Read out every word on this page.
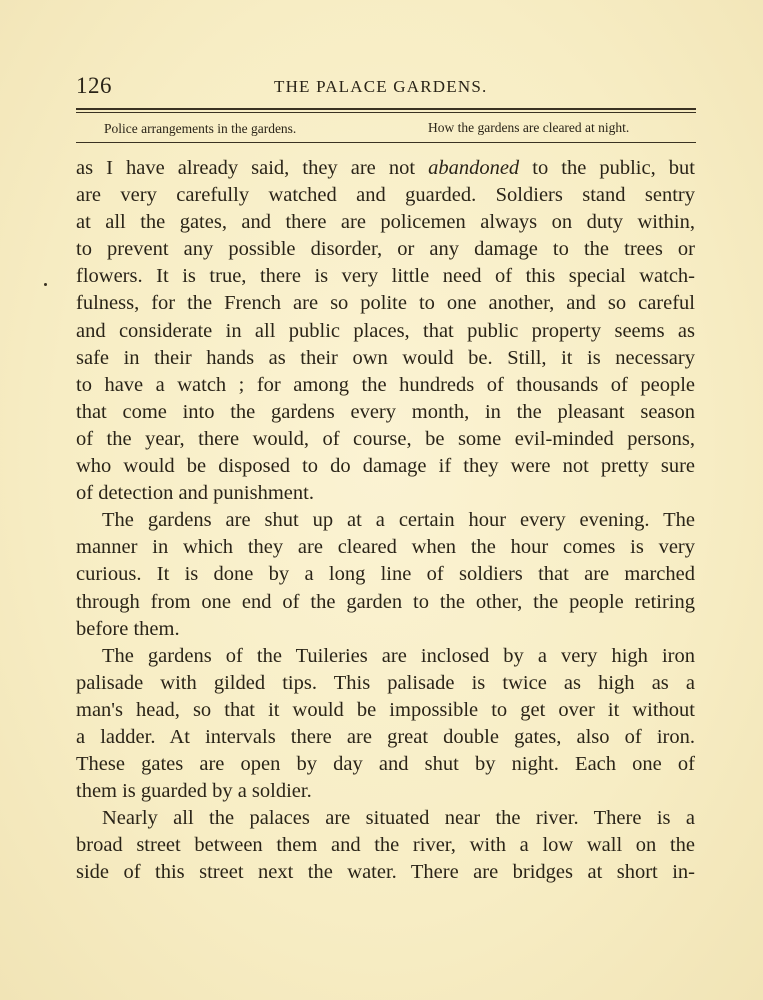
126	THE PALACE GARDENS.
Police arrangements in the gardens.	How the gardens are cleared at night.
as I have already said, they are not abandoned to the public, but
are very carefully watched and guarded. Soldiers stand sentry
at all the gates, and there are policemen always on duty within,
to prevent any possible disorder, or any damage to the trees or
flowers. It is true, there is very little need of this special watch-
fulness, for the French are so polite to one another, and so careful
and considerate in all public places, that public property seems as
safe in their hands as their own would be. Still, it is necessary
to have a watch ; for among the hundreds of thousands of people
that come into the gardens every month, in the pleasant season
of the year, there would, of course, be some evil-minded persons,
who would be disposed to do damage if they were not pretty sure
of detection and punishment.
The gardens are shut up at a certain hour every evening. The
manner in which they are cleared when the hour comes is very
curious. It is done by a long line of soldiers that are marched
through from one end of the garden to the other, the people retiring
before them.
The gardens of the Tuileries are inclosed by a very high iron
palisade with gilded tips. This palisade is twice as high as a
man's head, so that it would be impossible to get over it without
a ladder. At intervals there are great double gates, also of iron.
These gates are open by day and shut by night. Each one of
them is guarded by a soldier.
Nearly all the palaces are situated near the river. There is a
broad street between them and the river, with a low wall on the
side of this street next the water. There are bridges at short in-
